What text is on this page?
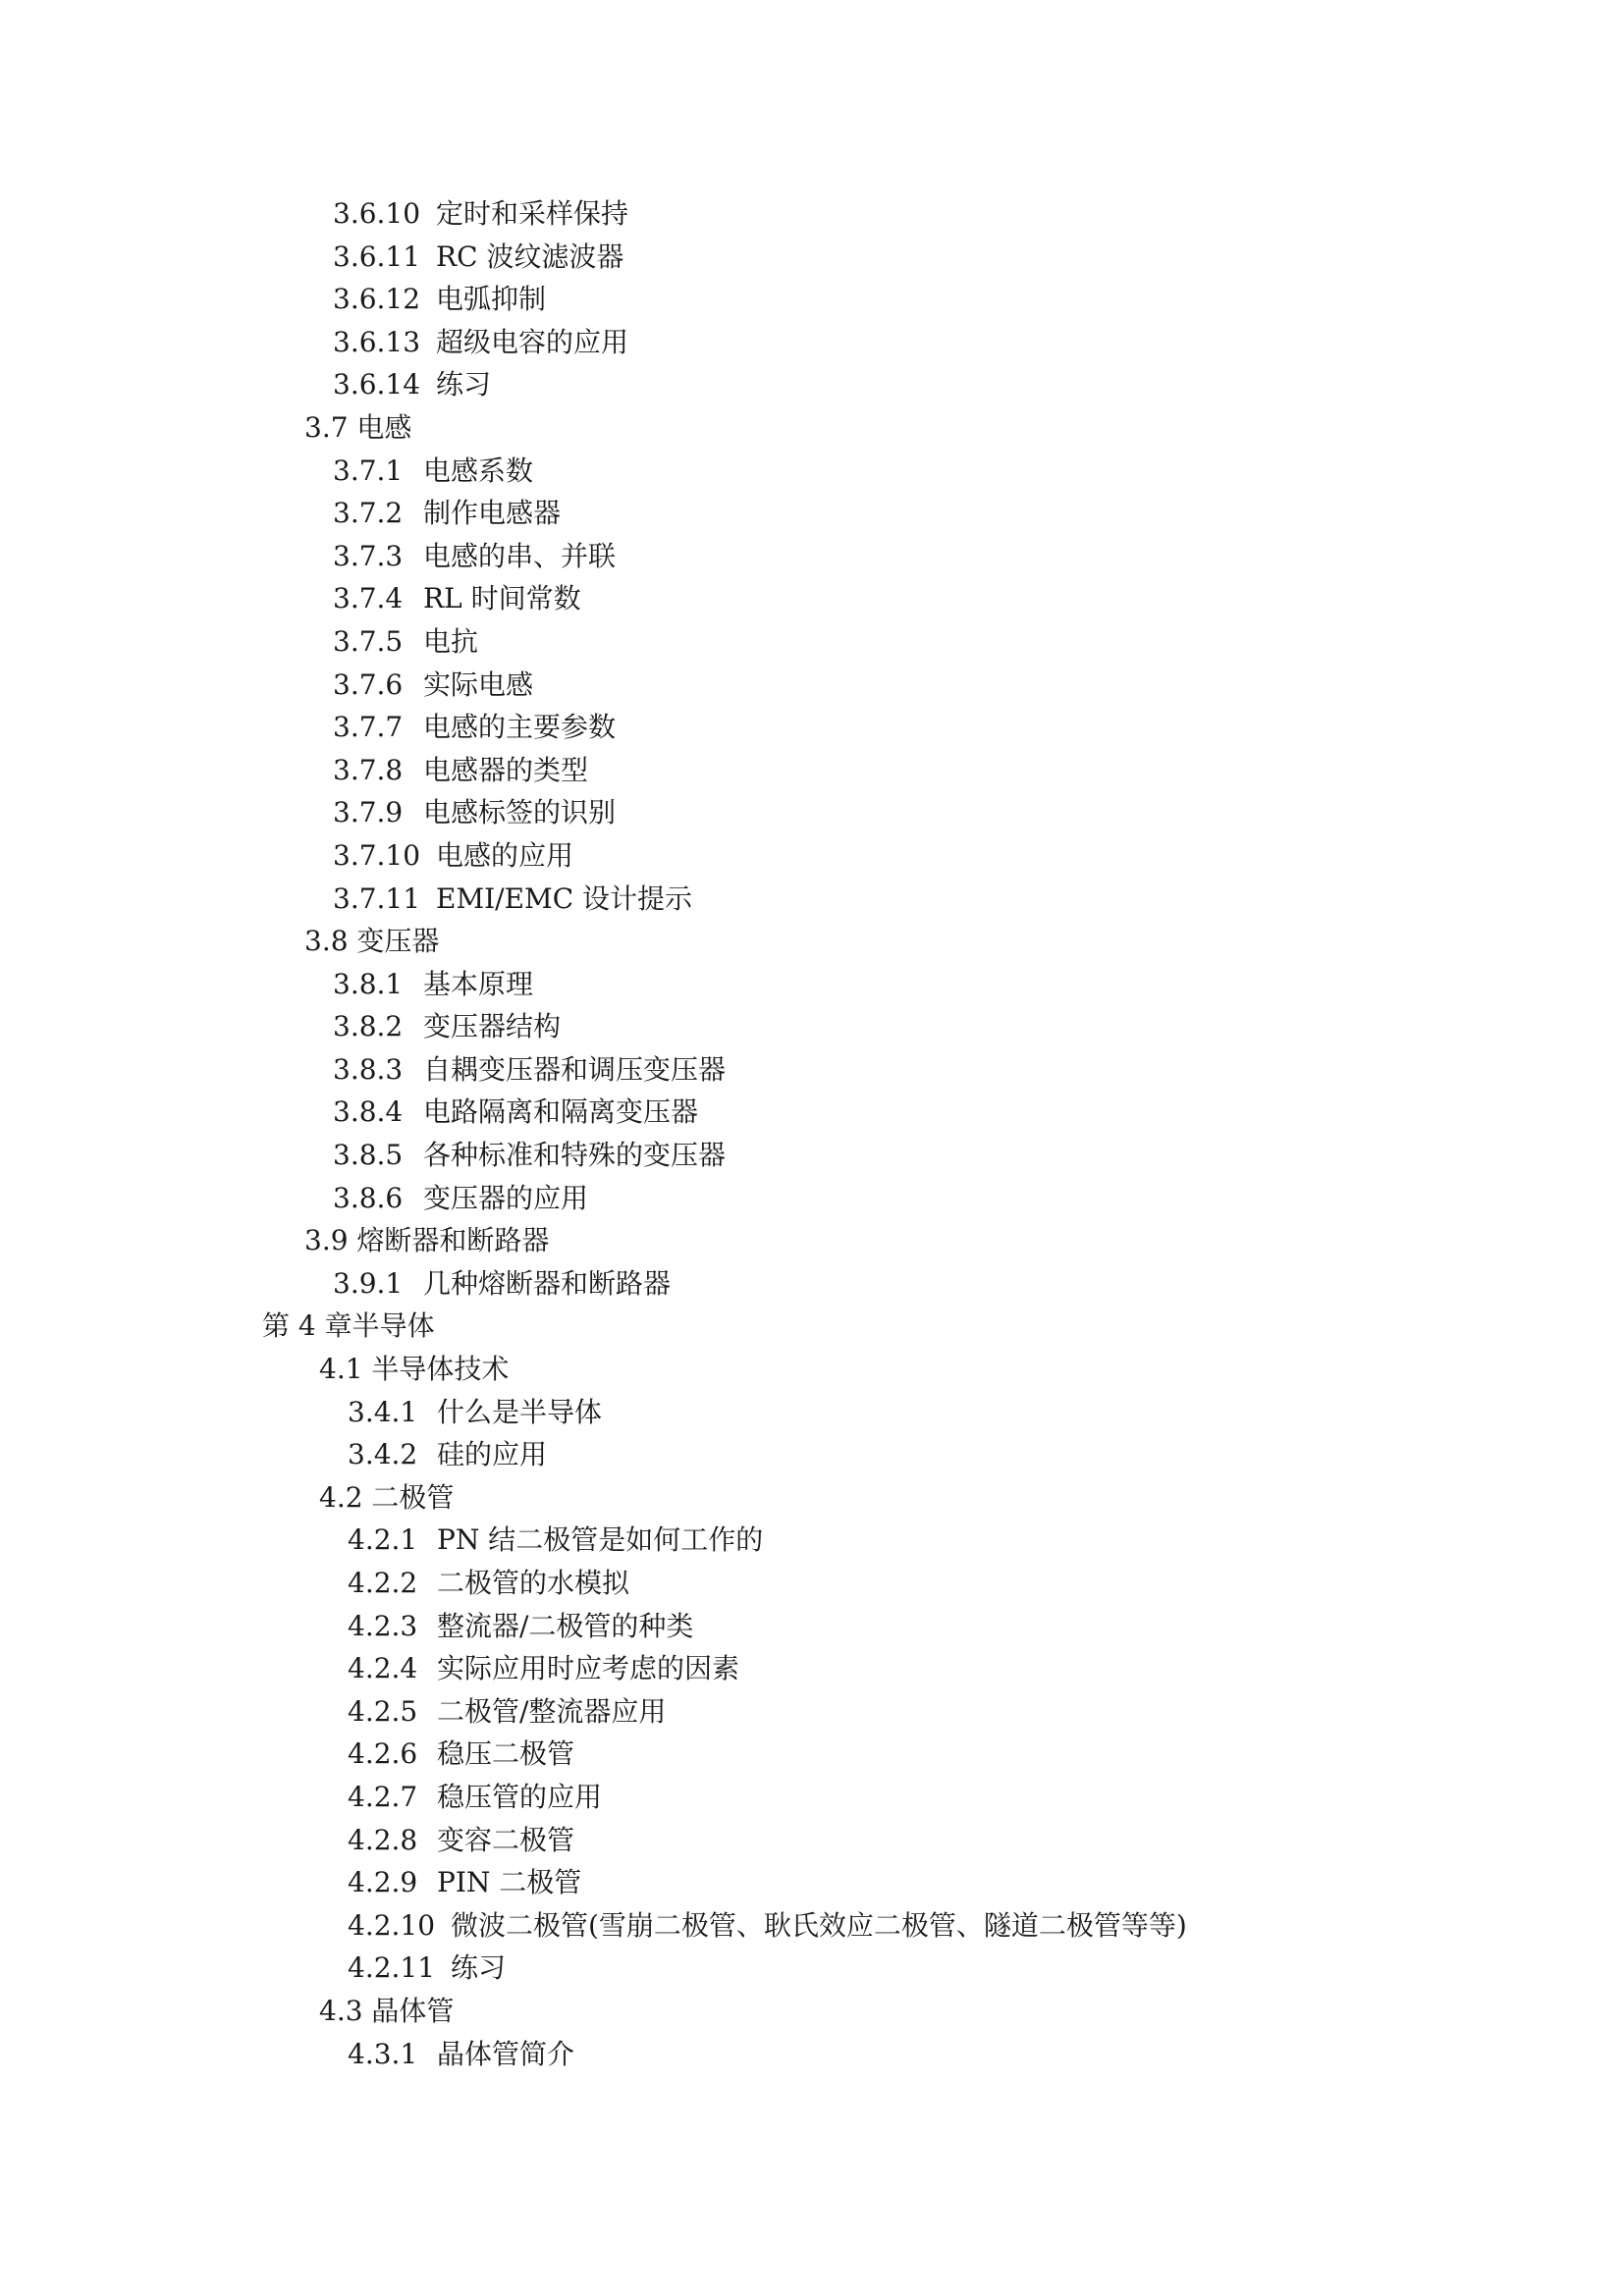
3.6.10 定时和采样保持
3.6.11 RC 波纹滤波器
3.6.12 电弧抑制
3.6.13 超级电容的应用
3.6.14 练习
3.7 电感
3.7.1 电感系数
3.7.2 制作电感器
3.7.3 电感的串、并联
3.7.4 RL 时间常数
3.7.5 电抗
3.7.6 实际电感
3.7.7 电感的主要参数
3.7.8 电感器的类型
3.7.9 电感标签的识别
3.7.10 电感的应用
3.7.11 EMI/EMC 设计提示
3.8 变压器
3.8.1 基本原理
3.8.2 变压器结构
3.8.3 自耦变压器和调压变压器
3.8.4 电路隔离和隔离变压器
3.8.5 各种标准和特殊的变压器
3.8.6 变压器的应用
3.9 熔断器和断路器
3.9.1 几种熔断器和断路器
第 4 章半导体
4.1 半导体技术
3.4.1 什么是半导体
3.4.2 硅的应用
4.2 二极管
4.2.1 PN 结二极管是如何工作的
4.2.2 二极管的水模拟
4.2.3 整流器/二极管的种类
4.2.4 实际应用时应考虑的因素
4.2.5 二极管/整流器应用
4.2.6 稳压二极管
4.2.7 稳压管的应用
4.2.8 变容二极管
4.2.9 PIN 二极管
4.2.10 微波二极管(雪崩二极管、耿氏效应二极管、隧道二极管等等)
4.2.11 练习
4.3 晶体管
4.3.1 晶体管简介
